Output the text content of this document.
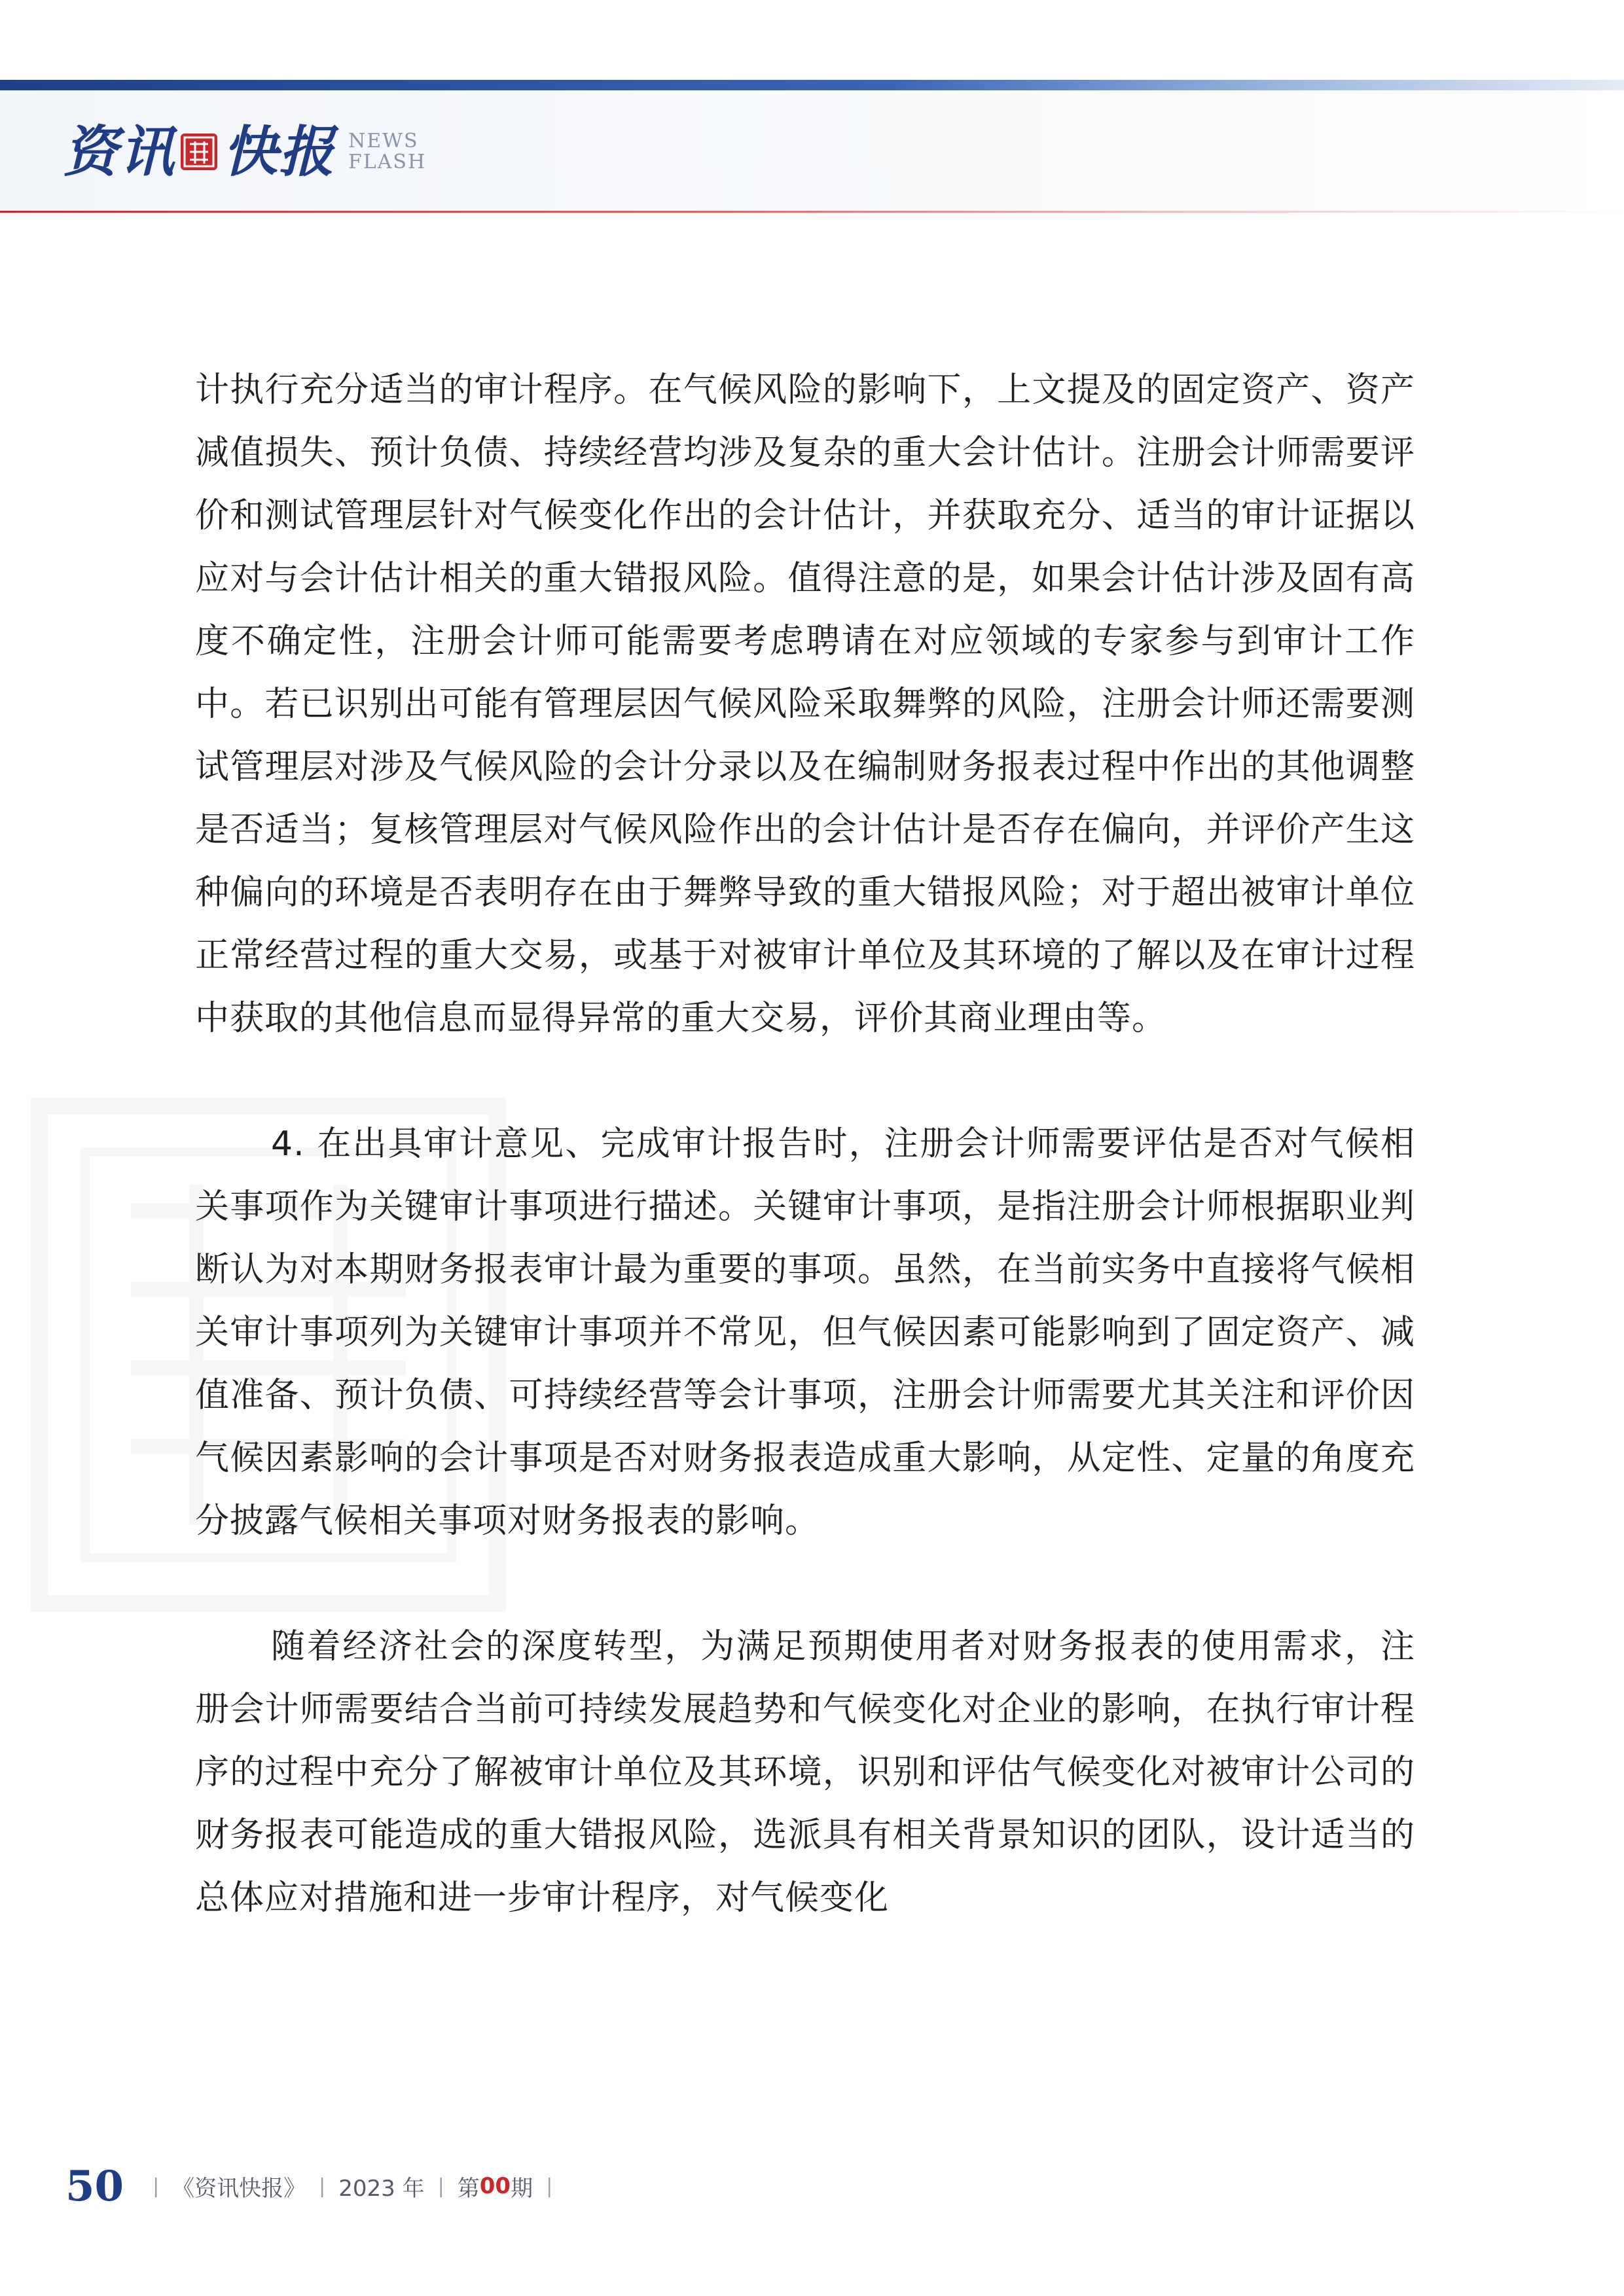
资讯 快报 NEWS
FLASH

计执行充分适当的审计程序。在气候风险的影响下，上文提及的固定资产、资产减值损失、预计负债、持续经营均涉及复杂的重大会计估计。注册会计师需要评价和测试管理层针对气候变化作出的会计估计，并获取充分、适当的审计证据以应对与会计估计相关的重大错报风险。值得注意的是，如果会计估计涉及固有高度不确定性，注册会计师可能需要考虑聘请在对应领域的专家参与到审计工作中。若已识别出可能有管理层因气候风险采取舞弊的风险，注册会计师还需要测试管理层对涉及气候风险的会计分录以及在编制财务报表过程中作出的其他调整是否适当；复核管理层对气候风险作出的会计估计是否存在偏向，并评价产生这种偏向的环境是否表明存在由于舞弊导致的重大错报风险；对于超出被审计单位正常经营过程的重大交易，或基于对被审计单位及其环境的了解以及在审计过程中获取的其他信息而显得异常的重大交易，评价其商业理由等。

4. 在出具审计意见、完成审计报告时，注册会计师需要评估是否对气候相关事项作为关键审计事项进行描述。关键审计事项，是指注册会计师根据职业判断认为对本期财务报表审计最为重要的事项。虽然，在当前实务中直接将气候相关审计事项列为关键审计事项并不常见，但气候因素可能影响到了固定资产、减值准备、预计负债、可持续经营等会计事项，注册会计师需要尤其关注和评价因气候因素影响的会计事项是否对财务报表造成重大影响，从定性、定量的角度充分披露气候相关事项对财务报表的影响。

随着经济社会的深度转型，为满足预期使用者对财务报表的使用需求，注册会计师需要结合当前可持续发展趋势和气候变化对企业的影响，在执行审计程序的过程中充分了解被审计单位及其环境，识别和评估气候变化对被审计公司的财务报表可能造成的重大错报风险，选派具有相关背景知识的团队，设计适当的总体应对措施和进一步审计程序，对气候变化

50 | 《资讯快报》 | 2023 年 | 第 00 期 |
